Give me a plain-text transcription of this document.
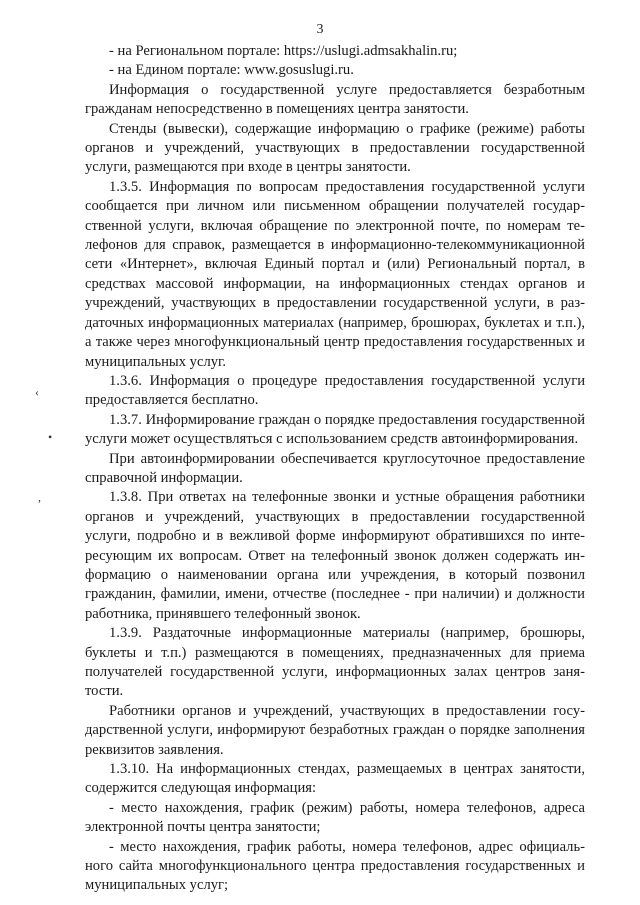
3

- на Региональном портале: https://uslugi.admsakhalin.ru;

- на Едином портале: www.gosuslugi.ru.

Информация о государственной услуге предоставляется безработным гражданам непосредственно в помещениях центра занятости.

Стенды (вывески), содержащие информацию о графике (режиме) работы органов и учреждений, участвующих в предоставлении государственной услуги, размещаются при входе в центры занятости.

1.3.5. Информация по вопросам предоставления государственной услуги сообщается при личном или письменном обращении получателей государственной услуги, включая обращение по электронной почте, по номерам телефонов для справок, размещается в информационно-телекоммуникационной сети «Интернет», включая Единый портал и (или) Региональный портал, в средствах массовой информации, на информационных стендах органов и учреждений, участвующих в предоставлении государственной услуги, в раздаточных информационных материалах (например, брошюрах, буклетах и т.п.), а также через многофункциональный центр предоставления государственных и муниципальных услуг.

1.3.6. Информация о процедуре предоставления государственной услуги предоставляется бесплатно.

1.3.7. Информирование граждан о порядке предоставления государственной услуги может осуществляться с использованием средств автоинформирования.

При автоинформировании обеспечивается круглосуточное предоставление справочной информации.

1.3.8. При ответах на телефонные звонки и устные обращения работники органов и учреждений, участвующих в предоставлении государственной услуги, подробно и в вежливой форме информируют обратившихся по интересующим их вопросам. Ответ на телефонный звонок должен содержать информацию о наименовании органа или учреждения, в который позвонил гражданин, фамилии, имени, отчестве (последнее - при наличии) и должности работника, принявшего телефонный звонок.

1.3.9. Раздаточные информационные материалы (например, брошюры, буклеты и т.п.) размещаются в помещениях, предназначенных для приема получателей государственной услуги, информационных залах центров занятости.

Работники органов и учреждений, участвующих в предоставлении государственной услуги, информируют безработных граждан о порядке заполнения реквизитов заявления.

1.3.10. На информационных стендах, размещаемых в центрах занятости, содержится следующая информация:

- место нахождения, график (режим) работы, номера телефонов, адреса электронной почты центра занятости;

- место нахождения, график работы, номера телефонов, адрес официального сайта многофункционального центра предоставления государственных и муниципальных услуг;

‹
•
,
